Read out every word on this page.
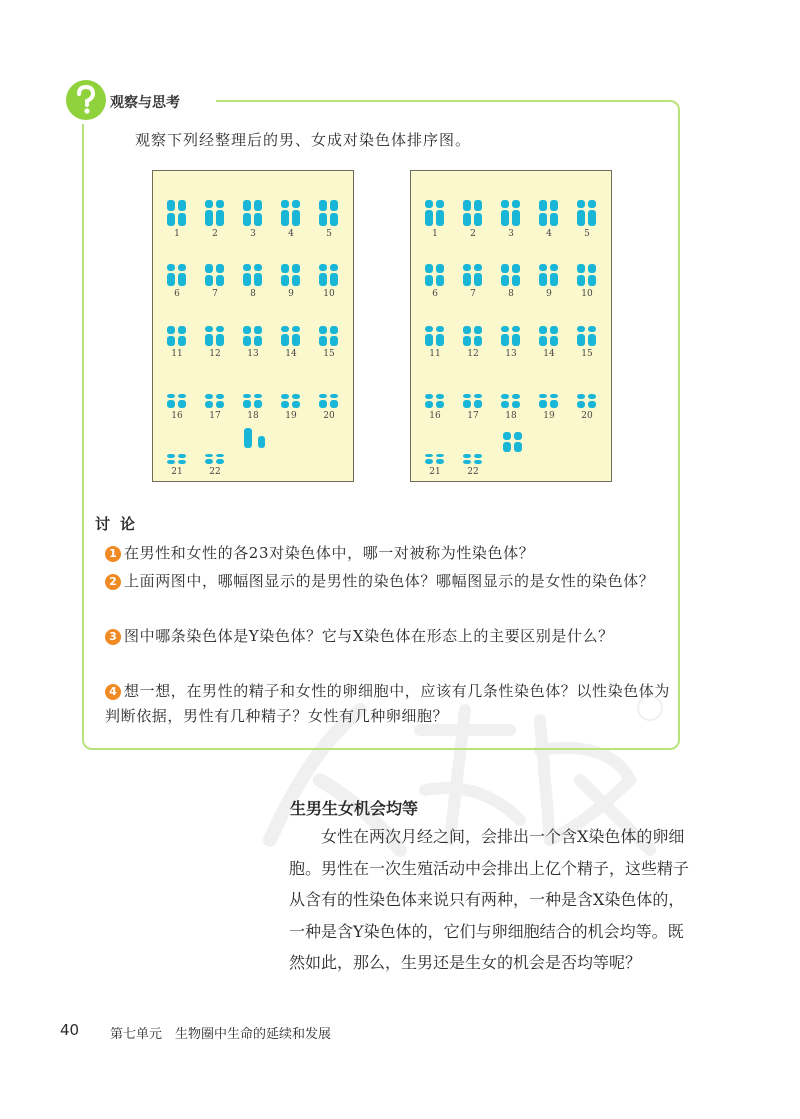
观察与思考
观察下列经整理后的男、女成对染色体排序图。
1	2	3	4	5
6	7	8	9	10
11	12	13	14	15
16	17	18	19	20
21	22
1	2	3	4	5
6	7	8	9	10
11	12	13	14	15
16	17	18	19	20
21	22
讨论
1 在男性和女性的各23对染色体中，哪一对被称为性染色体？
2 上面两图中，哪幅图显示的是男性的染色体？哪幅图显示的是女性的染色体？
3 图中哪条染色体是Y染色体？它与X染色体在形态上的主要区别是什么？
4 想一想，在男性的精子和女性的卵细胞中，应该有几条性染色体？以性染色体为判断依据，男性有几种精子？女性有几种卵细胞？
生男生女机会均等
女性在两次月经之间，会排出一个含X染色体的卵细胞。男性在一次生殖活动中会排出上亿个精子，这些精子从含有的性染色体来说只有两种，一种是含X染色体的，一种是含Y染色体的，它们与卵细胞结合的机会均等。既然如此，那么，生男还是生女的机会是否均等呢？
40 第七单元　生物圈中生命的延续和发展
